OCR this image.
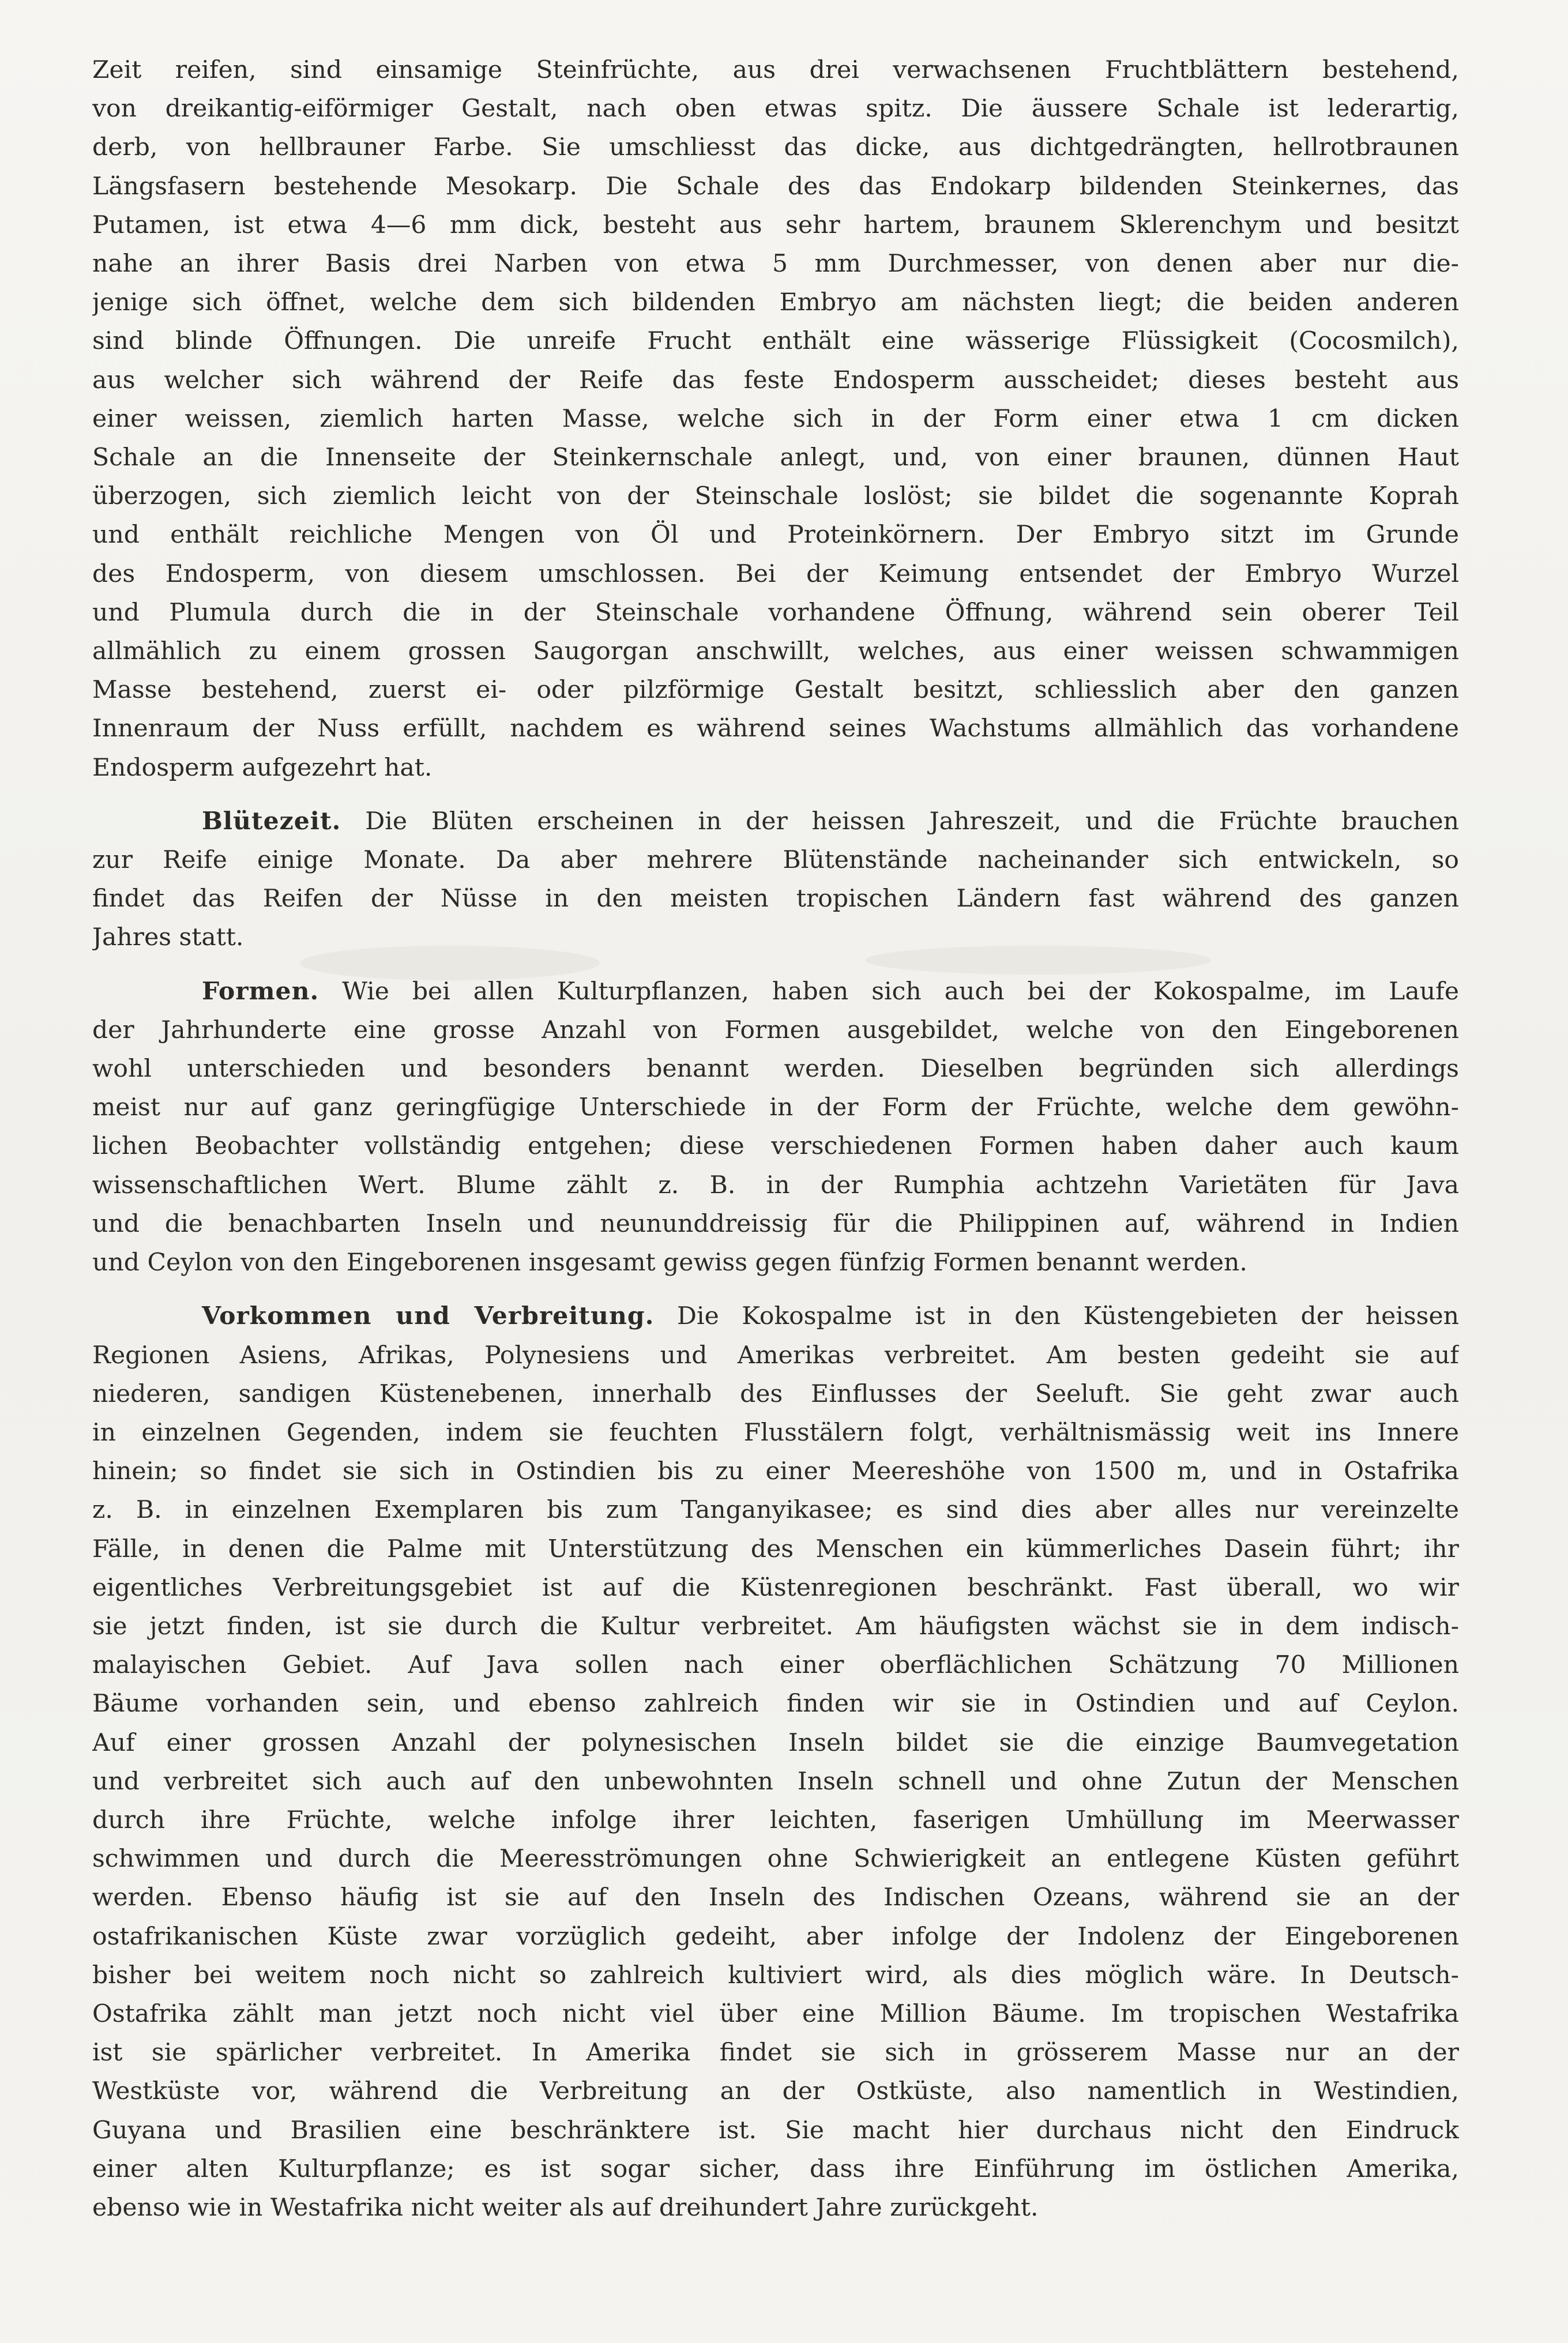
Zeit reifen, sind einsamige Steinfrüchte, aus drei verwachsenen Fruchtblättern bestehend,
von dreikantig-eiförmiger Gestalt, nach oben etwas spitz. Die äussere Schale ist lederartig,
derb, von hellbrauner Farbe. Sie umschliesst das dicke, aus dichtgedrängten, hellrotbraunen
Längsfasern bestehende Mesokarp. Die Schale des das Endokarp bildenden Steinkernes, das
Putamen, ist etwa 4—6 mm dick, besteht aus sehr hartem, braunem Sklerenchym und besitzt
nahe an ihrer Basis drei Narben von etwa 5 mm Durchmesser, von denen aber nur die-
jenige sich öffnet, welche dem sich bildenden Embryo am nächsten liegt; die beiden anderen
sind blinde Öffnungen. Die unreife Frucht enthält eine wässerige Flüssigkeit (Cocosmilch),
aus welcher sich während der Reife das feste Endosperm ausscheidet; dieses besteht aus
einer weissen, ziemlich harten Masse, welche sich in der Form einer etwa 1 cm dicken
Schale an die Innenseite der Steinkernschale anlegt, und, von einer braunen, dünnen Haut
überzogen, sich ziemlich leicht von der Steinschale loslöst; sie bildet die sogenannte Koprah
und enthält reichliche Mengen von Öl und Proteinkörnern. Der Embryo sitzt im Grunde
des Endosperm, von diesem umschlossen. Bei der Keimung entsendet der Embryo Wurzel
und Plumula durch die in der Steinschale vorhandene Öffnung, während sein oberer Teil
allmählich zu einem grossen Saugorgan anschwillt, welches, aus einer weissen schwammigen
Masse bestehend, zuerst ei- oder pilzförmige Gestalt besitzt, schliesslich aber den ganzen
Innenraum der Nuss erfüllt, nachdem es während seines Wachstums allmählich das vorhandene
Endosperm aufgezehrt hat.
Blütezeit. Die Blüten erscheinen in der heissen Jahreszeit, und die Früchte brauchen
zur Reife einige Monate. Da aber mehrere Blütenstände nacheinander sich entwickeln, so
findet das Reifen der Nüsse in den meisten tropischen Ländern fast während des ganzen
Jahres statt.
Formen. Wie bei allen Kulturpflanzen, haben sich auch bei der Kokospalme, im Laufe
der Jahrhunderte eine grosse Anzahl von Formen ausgebildet, welche von den Eingeborenen
wohl unterschieden und besonders benannt werden. Dieselben begründen sich allerdings
meist nur auf ganz geringfügige Unterschiede in der Form der Früchte, welche dem gewöhn-
lichen Beobachter vollständig entgehen; diese verschiedenen Formen haben daher auch kaum
wissenschaftlichen Wert. Blume zählt z. B. in der Rumphia achtzehn Varietäten für Java
und die benachbarten Inseln und neununddreissig für die Philippinen auf, während in Indien
und Ceylon von den Eingeborenen insgesamt gewiss gegen fünfzig Formen benannt werden.
Vorkommen und Verbreitung. Die Kokospalme ist in den Küstengebieten der heissen
Regionen Asiens, Afrikas, Polynesiens und Amerikas verbreitet. Am besten gedeiht sie auf
niederen, sandigen Küstenebenen, innerhalb des Einflusses der Seeluft. Sie geht zwar auch
in einzelnen Gegenden, indem sie feuchten Flusstälern folgt, verhältnismässig weit ins Innere
hinein; so findet sie sich in Ostindien bis zu einer Meereshöhe von 1500 m, und in Ostafrika
z. B. in einzelnen Exemplaren bis zum Tanganyikasee; es sind dies aber alles nur vereinzelte
Fälle, in denen die Palme mit Unterstützung des Menschen ein kümmerliches Dasein führt; ihr
eigentliches Verbreitungsgebiet ist auf die Küstenregionen beschränkt. Fast überall, wo wir
sie jetzt finden, ist sie durch die Kultur verbreitet. Am häufigsten wächst sie in dem indisch-
malayischen Gebiet. Auf Java sollen nach einer oberflächlichen Schätzung 70 Millionen
Bäume vorhanden sein, und ebenso zahlreich finden wir sie in Ostindien und auf Ceylon.
Auf einer grossen Anzahl der polynesischen Inseln bildet sie die einzige Baumvegetation
und verbreitet sich auch auf den unbewohnten Inseln schnell und ohne Zutun der Menschen
durch ihre Früchte, welche infolge ihrer leichten, faserigen Umhüllung im Meerwasser
schwimmen und durch die Meeresströmungen ohne Schwierigkeit an entlegene Küsten geführt
werden. Ebenso häufig ist sie auf den Inseln des Indischen Ozeans, während sie an der
ostafrikanischen Küste zwar vorzüglich gedeiht, aber infolge der Indolenz der Eingeborenen
bisher bei weitem noch nicht so zahlreich kultiviert wird, als dies möglich wäre. In Deutsch-
Ostafrika zählt man jetzt noch nicht viel über eine Million Bäume. Im tropischen Westafrika
ist sie spärlicher verbreitet. In Amerika findet sie sich in grösserem Masse nur an der
Westküste vor, während die Verbreitung an der Ostküste, also namentlich in Westindien,
Guyana und Brasilien eine beschränktere ist. Sie macht hier durchaus nicht den Eindruck
einer alten Kulturpflanze; es ist sogar sicher, dass ihre Einführung im östlichen Amerika,
ebenso wie in Westafrika nicht weiter als auf dreihundert Jahre zurückgeht.
